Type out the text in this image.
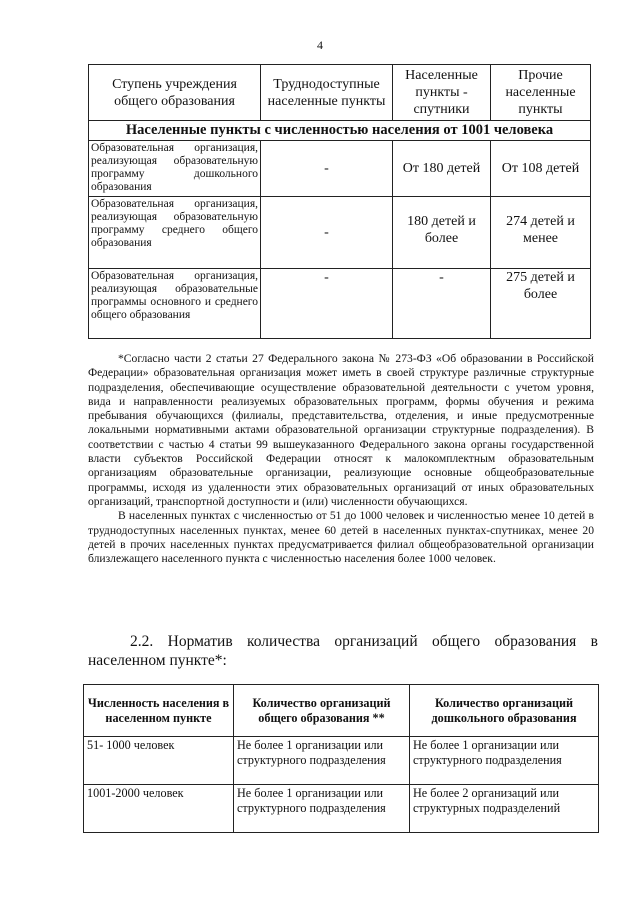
4
Ступень учреждения общего образования	Труднодоступные населенные пункты	Населенные пункты - спутники	Прочие населенные пункты
Населенные пункты с численностью населения от 1001 человека			
Образовательная организация, реализующая образовательную программу дошкольного образования	-	От 180 детей	От 108 детей
Образовательная организация, реализующая образовательную программу среднего общего образования	-	180 детей и более	274 детей и менее
Образовательная организация, реализующая образовательные программы основного и среднего общего образования	-	-	275 детей и более

*Согласно части 2 статьи 27 Федерального закона № 273-ФЗ «Об образовании в Российской Федерации» образовательная организация может иметь в своей структуре различные структурные подразделения, обеспечивающие осуществление образовательной деятельности с учетом уровня, вида и направленности реализуемых образовательных программ, формы обучения и режима пребывания обучающихся (филиалы, представительства, отделения, и иные предусмотренные локальными нормативными актами образовательной организации структурные подразделения). В соответствии с частью 4 статьи 99 вышеуказанного Федерального закона органы государственной власти субъектов Российской Федерации относят к малокомплектным образовательным организациям образовательные организации, реализующие основные общеобразовательные программы, исходя из удаленности этих образовательных организаций от иных образовательных организаций, транспортной доступности и (или) численности обучающихся.

В населенных пунктах с численностью от 51 до 1000 человек и численностью менее 10 детей в труднодоступных населенных пунктах, менее 60 детей в населенных пунктах-спутниках, менее 20 детей в прочих населенных пунктах предусматривается филиал общеобразовательной организации близлежащего населенного пункта с численностью населения более 1000 человек.

2.2. Норматив количества организаций общего образования в населенном пункте*:
Численность населения в населенном пункте	Количество организаций общего образования **	Количество организаций дошкольного образования
51- 1000 человек	Не более 1 организации или структурного подразделения	Не более 1 организации или структурного подразделения
1001-2000 человек	Не более 1 организации или структурного подразделения	Не более 2 организаций или структурных подразделений
